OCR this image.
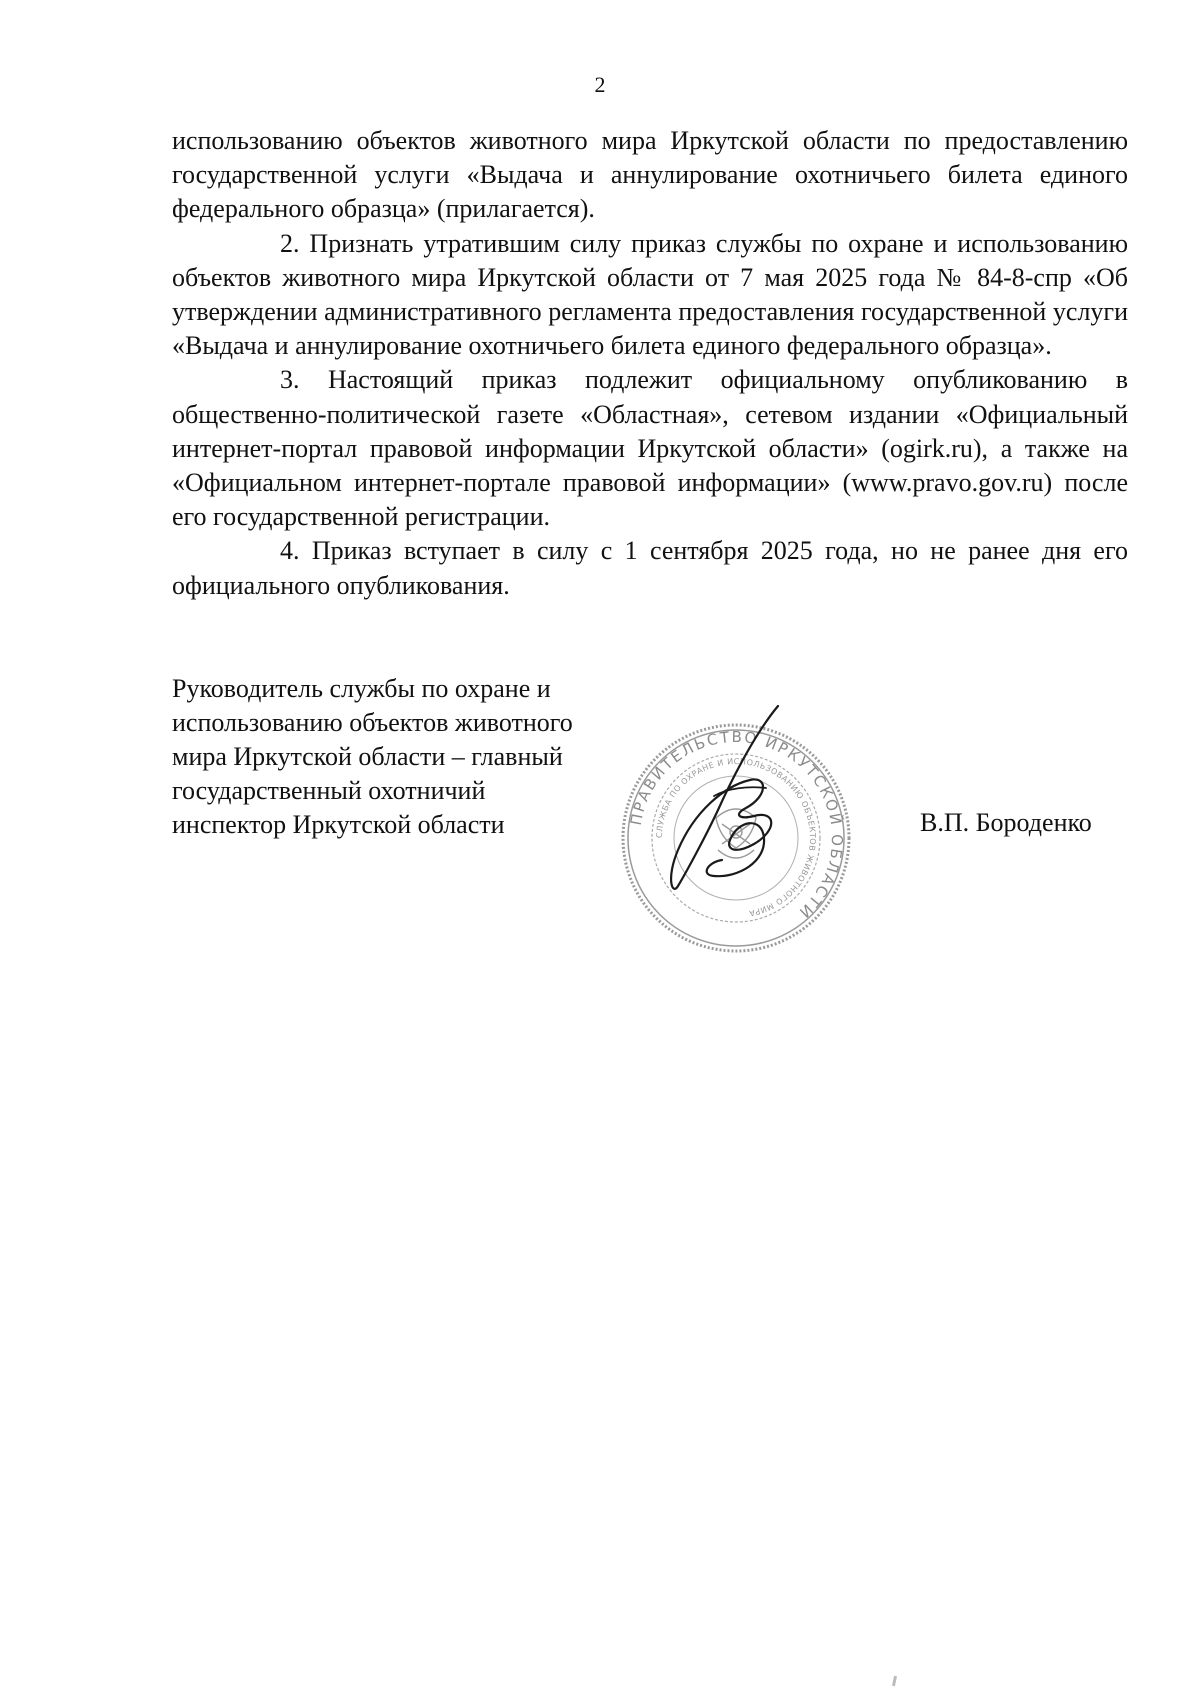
2

использованию объектов животного мира Иркутской области по предоставлению государственной услуги «Выдача и аннулирование охотничьего билета единого федерального образца» (прилагается).

2. Признать утратившим силу приказ службы по охране и использованию объектов животного мира Иркутской области от 7 мая 2025 года № 84-8-спр «Об утверждении административного регламента предоставления государственной услуги «Выдача и аннулирование охотничьего билета единого федерального образца».

3. Настоящий приказ подлежит официальному опубликованию в общественно-политической газете «Областная», сетевом издании «Официальный интернет-портал правовой информации Иркутской области» (ogirk.ru), а также на «Официальном интернет-портале правовой информации» (www.pravo.gov.ru) после его государственной регистрации.

4. Приказ вступает в силу с 1 сентября 2025 года, но не ранее дня его официального опубликования.

Руководитель службы по охране и
использованию объектов животного
мира Иркутской области – главный
государственный охотничий
инспектор Иркутской области	ПРАВИТЕЛЬСТВО ИРКУТСКОЙ ОБЛАСТИ
СЛУЖБА ПО ОХРАНЕ И ИСПОЛЬЗОВАНИЮ ОБЪЕКТОВ ЖИВОТНОГО МИРА
В.П. Бороденко
